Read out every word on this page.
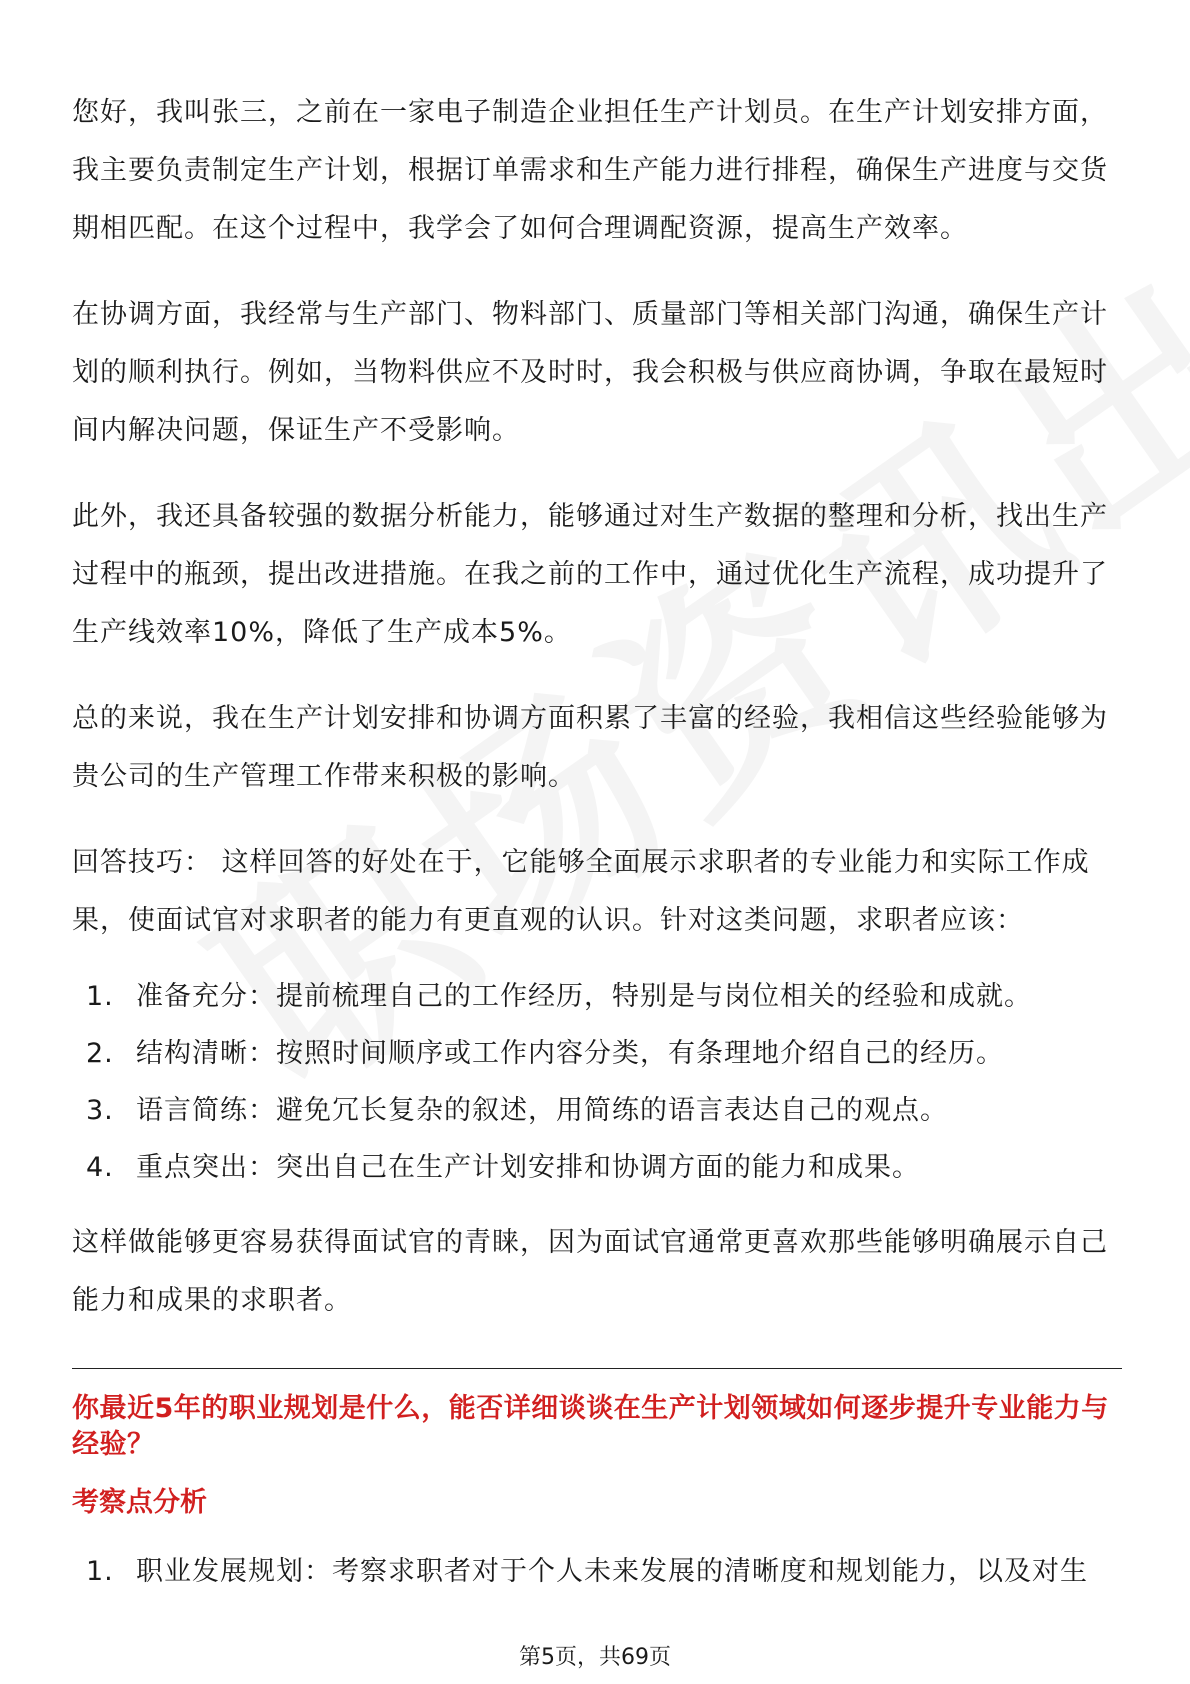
您好，我叫张三，之前在一家电子制造企业担任生产计划员。在生产计划安排方面，我主要负责制定生产计划，根据订单需求和生产能力进行排程，确保生产进度与交货期相匹配。在这个过程中，我学会了如何合理调配资源，提高生产效率。

在协调方面，我经常与生产部门、物料部门、质量部门等相关部门沟通，确保生产计划的顺利执行。例如，当物料供应不及时时，我会积极与供应商协调，争取在最短时间内解决问题，保证生产不受影响。

此外，我还具备较强的数据分析能力，能够通过对生产数据的整理和分析，找出生产过程中的瓶颈，提出改进措施。在我之前的工作中，通过优化生产流程，成功提升了生产线效率10%，降低了生产成本5%。

总的来说，我在生产计划安排和协调方面积累了丰富的经验，我相信这些经验能够为贵公司的生产管理工作带来积极的影响。

回答技巧： 这样回答的好处在于，它能够全面展示求职者的专业能力和实际工作成果，使面试官对求职者的能力有更直观的认识。针对这类问题，求职者应该：

1. 准备充分：提前梳理自己的工作经历，特别是与岗位相关的经验和成就。
2. 结构清晰：按照时间顺序或工作内容分类，有条理地介绍自己的经历。
3. 语言简练：避免冗长复杂的叙述，用简练的语言表达自己的观点。
4. 重点突出：突出自己在生产计划安排和协调方面的能力和成果。

这样做能够更容易获得面试官的青睐，因为面试官通常更喜欢那些能够明确展示自己能力和成果的求职者。

你最近5年的职业规划是什么，能否详细谈谈在生产计划领域如何逐步提升专业能力与经验？
考察点分析
1. 职业发展规划：考察求职者对于个人未来发展的清晰度和规划能力，以及对生
第5页，共69页
